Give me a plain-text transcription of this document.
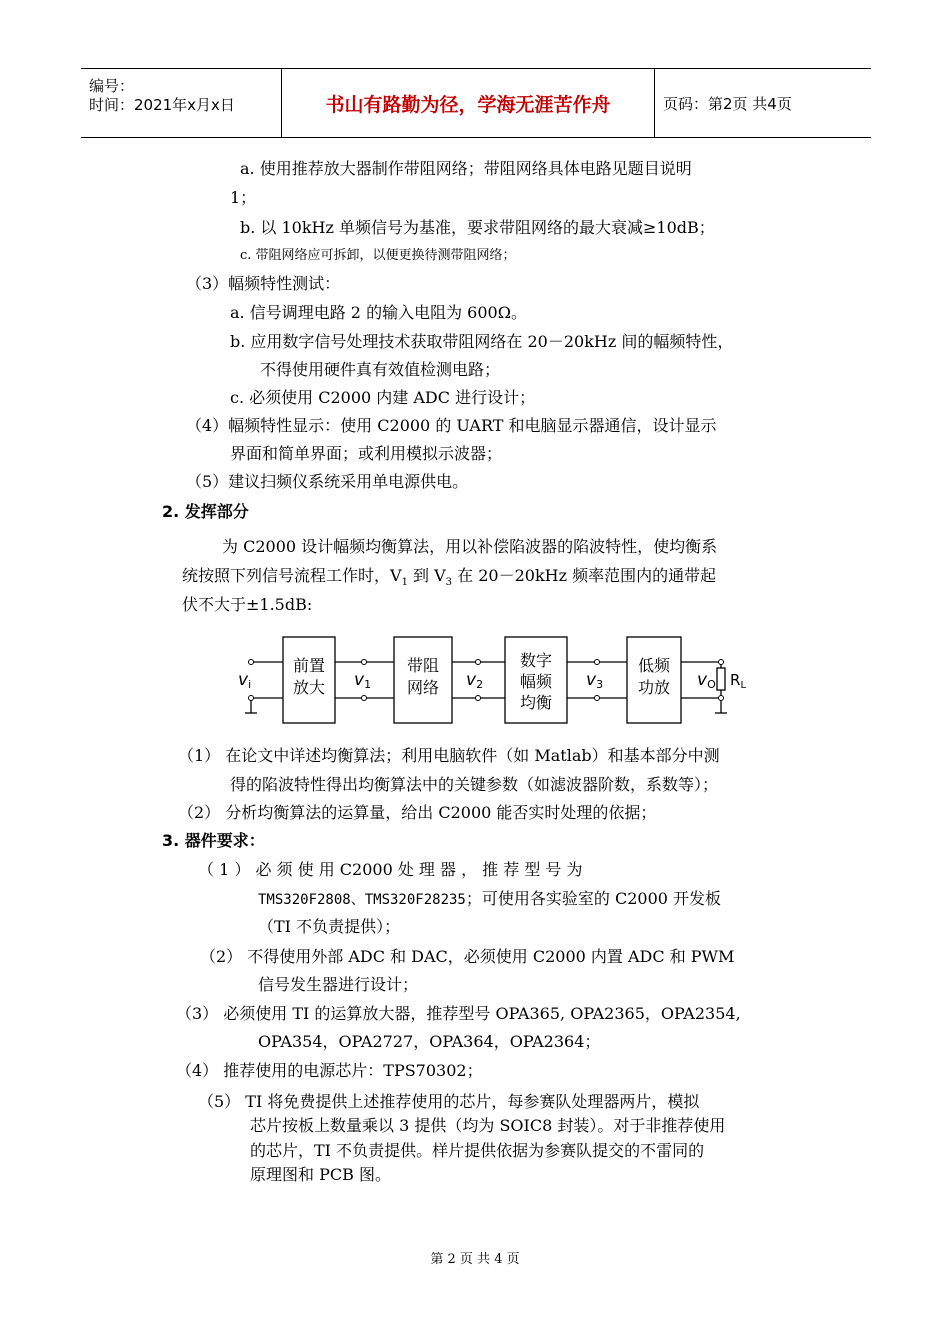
编号：
时间：2021年x月x日	书山有路勤为径，学海无涯苦作舟	页码：第2页 共4页
a. 使用推荐放大器制作带阻网络；带阻网络具体电路见题目说明
1；
b. 以 10kHz 单频信号为基准，要求带阻网络的最大衰减≥10dB；
c. 带阻网络应可拆卸，以便更换待测带阻网络；
（3）幅频特性测试：
a. 信号调理电路 2 的输入电阻为 600Ω。
b. 应用数字信号处理技术获取带阻网络在 20－20kHz 间的幅频特性，
不得使用硬件真有效值检测电路；
c. 必须使用 C2000 内建 ADC 进行设计；
（4）幅频特性显示：使用 C2000 的 UART 和电脑显示器通信，设计显示
界面和简单界面；或利用模拟示波器；
（5）建议扫频仪系统采用单电源供电。
2. 发挥部分
为 C2000 设计幅频均衡算法，用以补偿陷波器的陷波特性，使均衡系
统按照下列信号流程工作时，$V_1$ 到 $V_3$ 在 20－20kHz 频率范围内的通带起
伏不大于±1.5dB:
前置
放大
带阻
网络
数字
幅频
均衡
低频
功放
vi	v1	v2	v3	vO $R_L$
（1） 在论文中详述均衡算法；利用电脑软件（如 Matlab）和基本部分中测
得的陷波特性得出均衡算法中的关键参数（如滤波器阶数，系数等）；
（2） 分析均衡算法的运算量，给出 C2000 能否实时处理的依据；
3. 器件要求：
（ 1 ） 必 须 使 用 C2000 处 理 器 ， 推 荐 型 号 为
TMS320F2808、TMS320F28235；可使用各实验室的 C2000 开发板
（TI 不负责提供）；
（2） 不得使用外部 ADC 和 DAC，必须使用 C2000 内置 ADC 和 PWM
信号发生器进行设计；
（3） 必须使用 TI 的运算放大器，推荐型号 OPA365, OPA2365，OPA2354,
OPA354，OPA2727，OPA364，OPA2364；
（4） 推荐使用的电源芯片：TPS70302；
（5） TI 将免费提供上述推荐使用的芯片，每参赛队处理器两片，模拟
芯片按板上数量乘以 3 提供（均为 SOIC8 封装）。对于非推荐使用
的芯片，TI 不负责提供。样片提供依据为参赛队提交的不雷同的
原理图和 PCB 图。
第 2 页 共 4 页
